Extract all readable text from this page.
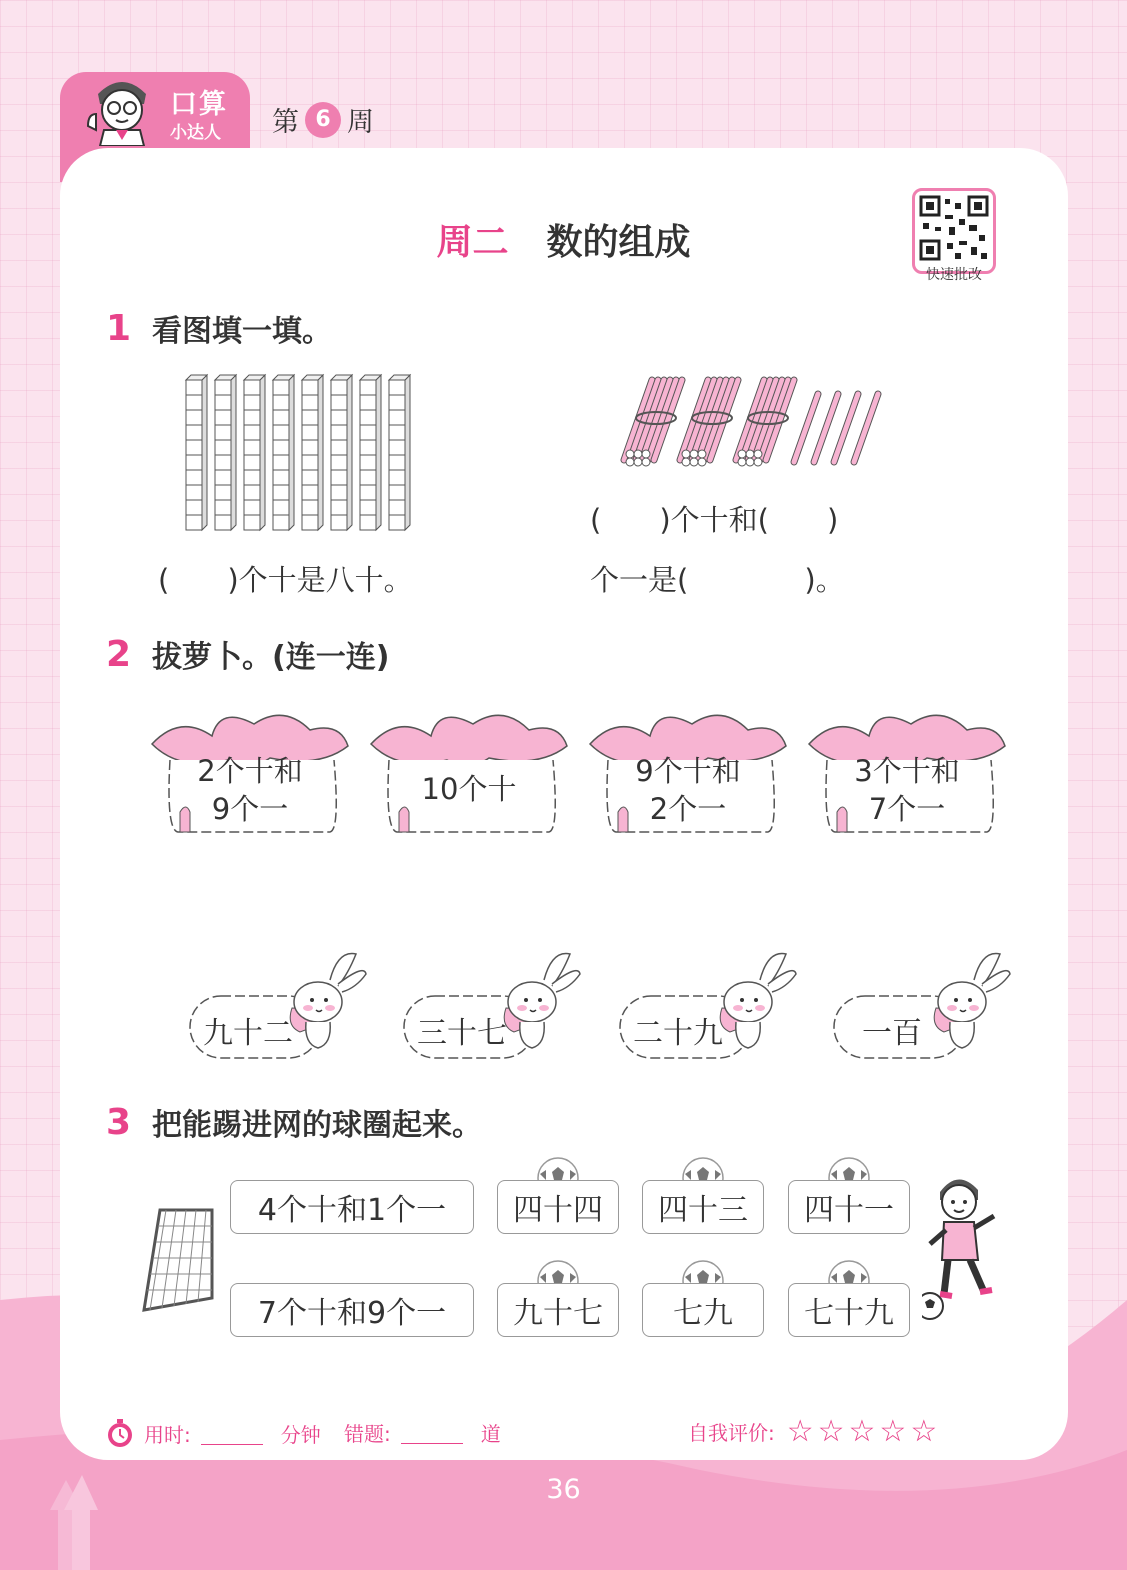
口算
小达人 第 6 周
周二 数的组成
快速批改
1 看图填一填。
(　　)个十是八十。
(　　)个十和(　　)
个一是(　　　　)。
2 拔萝卜。(连一连)
2个十和
9个一
10个十
9个十和
2个一
3个十和
7个一
九十二	三十七	二十九	一百
3 把能踢进网的球圈起来。
4个十和1个一
7个十和9个一
四十四	四十三	四十一
九十七	七九	七十九
用时:	分钟 错题:	道	自我评价: ☆☆☆☆☆
36
